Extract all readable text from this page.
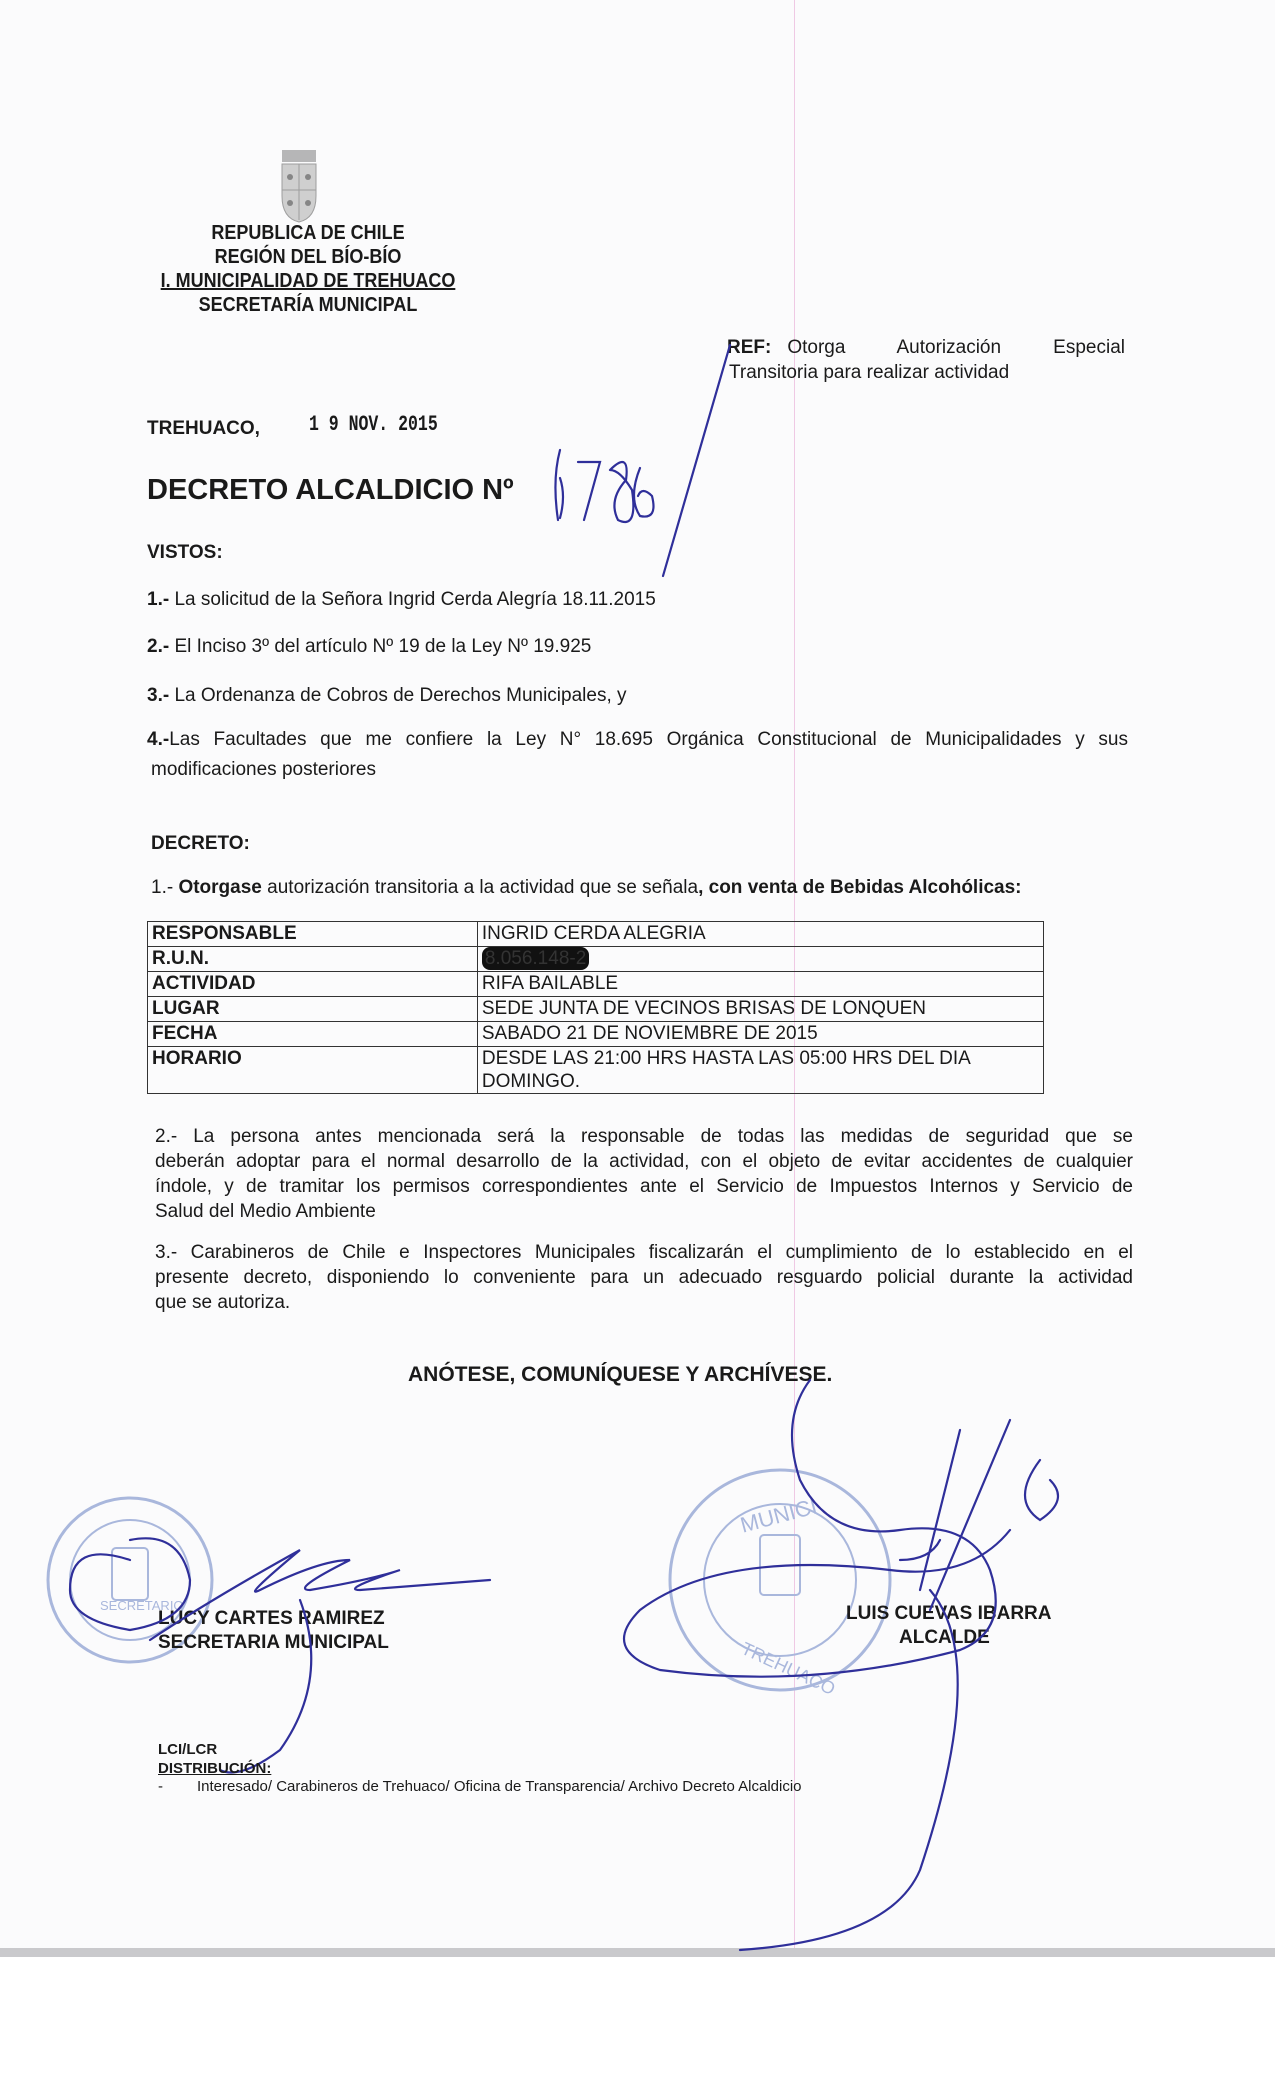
REPUBLICA DE CHILE
REGIÓN DEL BÍO-BÍO
I. MUNICIPALIDAD DE TREHUACO
SECRETARÍA MUNICIPAL
REF: Otorga   Autorización   Especial
Transitoria para realizar actividad
TREHUACO, 1 9 NOV. 2015
DECRETO ALCALDICIO Nº
VISTOS:
1.- La solicitud de la Señora Ingrid Cerda Alegría 18.11.2015
2.- El Inciso 3º del artículo Nº 19 de la Ley Nº 19.925
3.- La Ordenanza de Cobros de Derechos Municipales, y
4.-Las Facultades que me confiere la Ley N° 18.695 Orgánica Constitucional de Municipalidades y sus
modificaciones posteriores
DECRETO:
1.- Otorgase autorización transitoria a la actividad que se señala, con venta de Bebidas Alcohólicas:
RESPONSABLE	INGRID CERDA ALEGRIA
R.U.N.	8.056.148-2
ACTIVIDAD	RIFA BAILABLE
LUGAR	SEDE JUNTA DE VECINOS BRISAS DE LONQUEN
FECHA	SABADO 21 DE NOVIEMBRE DE 2015
HORARIO	DESDE LAS 21:00 HRS HASTA LAS 05:00 HRS DEL DIA DOMINGO.
2.- La persona antes mencionada será la responsable de todas las medidas de seguridad que se
deberán adoptar para el normal desarrollo de la actividad, con el objeto de evitar accidentes de cualquier
índole, y de tramitar los permisos correspondientes ante el Servicio de Impuestos Internos y Servicio de
Salud del Medio Ambiente
3.- Carabineros de Chile e Inspectores Municipales fiscalizarán el cumplimiento de lo establecido en el
presente decreto, disponiendo lo conveniente para un adecuado resguardo policial durante la actividad
que se autoriza.
ANÓTESE, COMUNÍQUESE Y ARCHÍVESE.
SECRETARIO
MUNICI
TREHUACO
LUCY CARTES RAMIREZ
SECRETARIA MUNICIPAL
LUIS CUEVAS IBARRA
ALCALDE
LCI/LCR
DISTRIBUCIÓN:
- Interesado/ Carabineros de Trehuaco/ Oficina de Transparencia/ Archivo Decreto Alcaldicio
